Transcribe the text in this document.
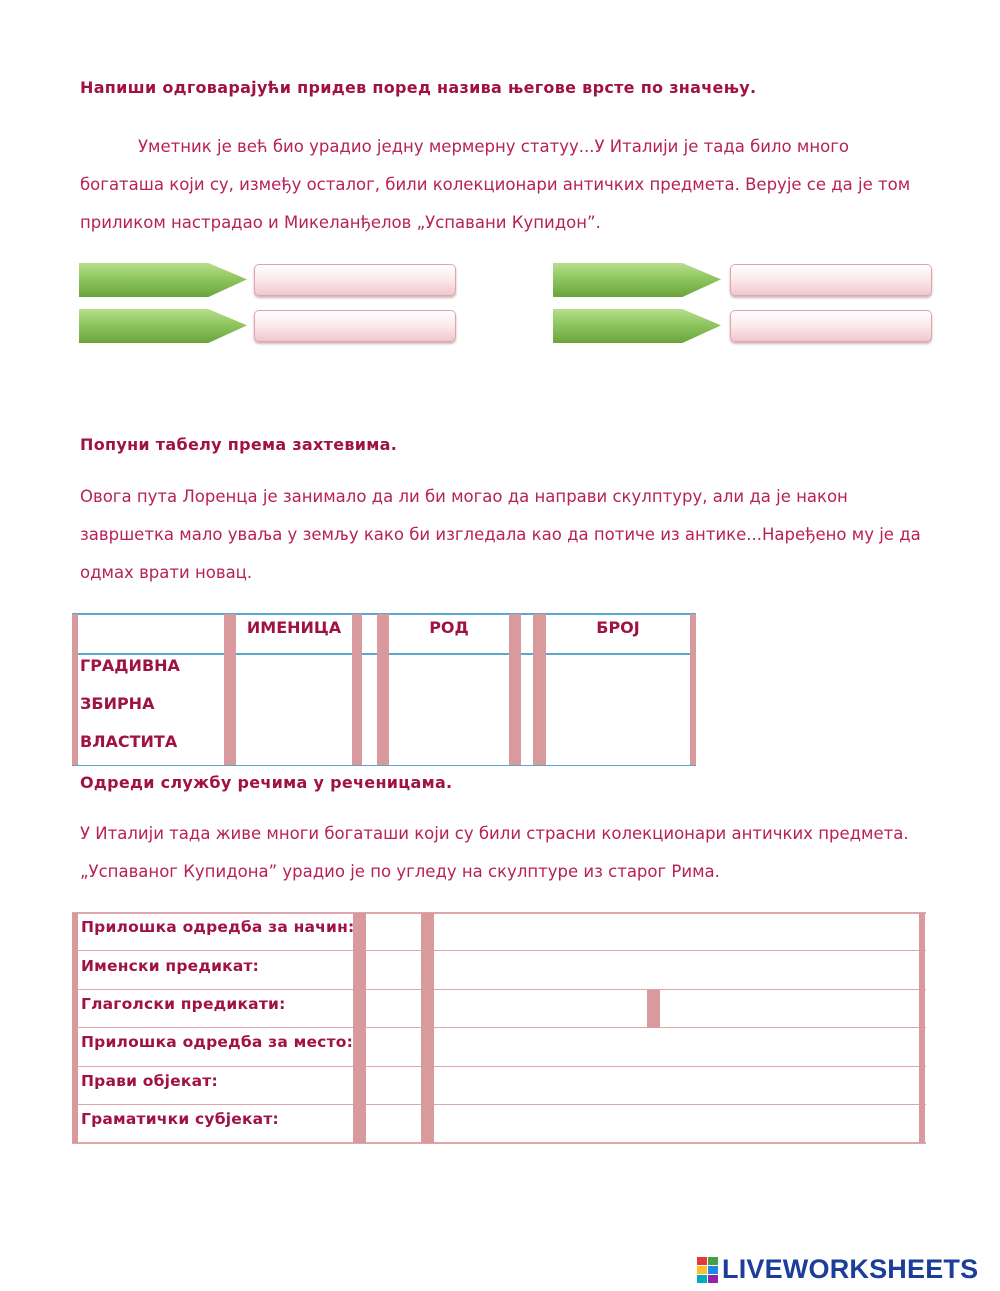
Напиши одговарајући придев поред назива његове врсте по значењу.
Уметник је већ био урадио једну мермерну статуу...У Италији је тада било много
богаташа који су, између осталог, били колекционари античких предмета. Верује се да је том
приликом настрадао и Микеланђелов „Успавани Купидон”.
Попуни табелу према захтевима.
Овога пута Лоренца је занимало да ли би могао да направи скулптуру, али да је након
завршетка мало уваља у земљу како би изгледала као да потиче из антике...Наређено му је да
одмах врати новац.
ИМЕНИЦА	РОД	БРОЈ
ГРАДИВНА
ЗБИРНА
ВЛАСТИТА
Одреди службу речима у реченицама.
У Италији тада живе многи богаташи који су били страсни колекционари античких предмета.
„Успаваног Купидона” урадио је по угледу на скулптуре из старог Рима.
Прилошка одредба за начин:
Именски предикат:
Глаголски предикати:
Прилошка одредба за место:
Прави објекат:
Граматички субјекат:
LIVEWORKSHEETS
